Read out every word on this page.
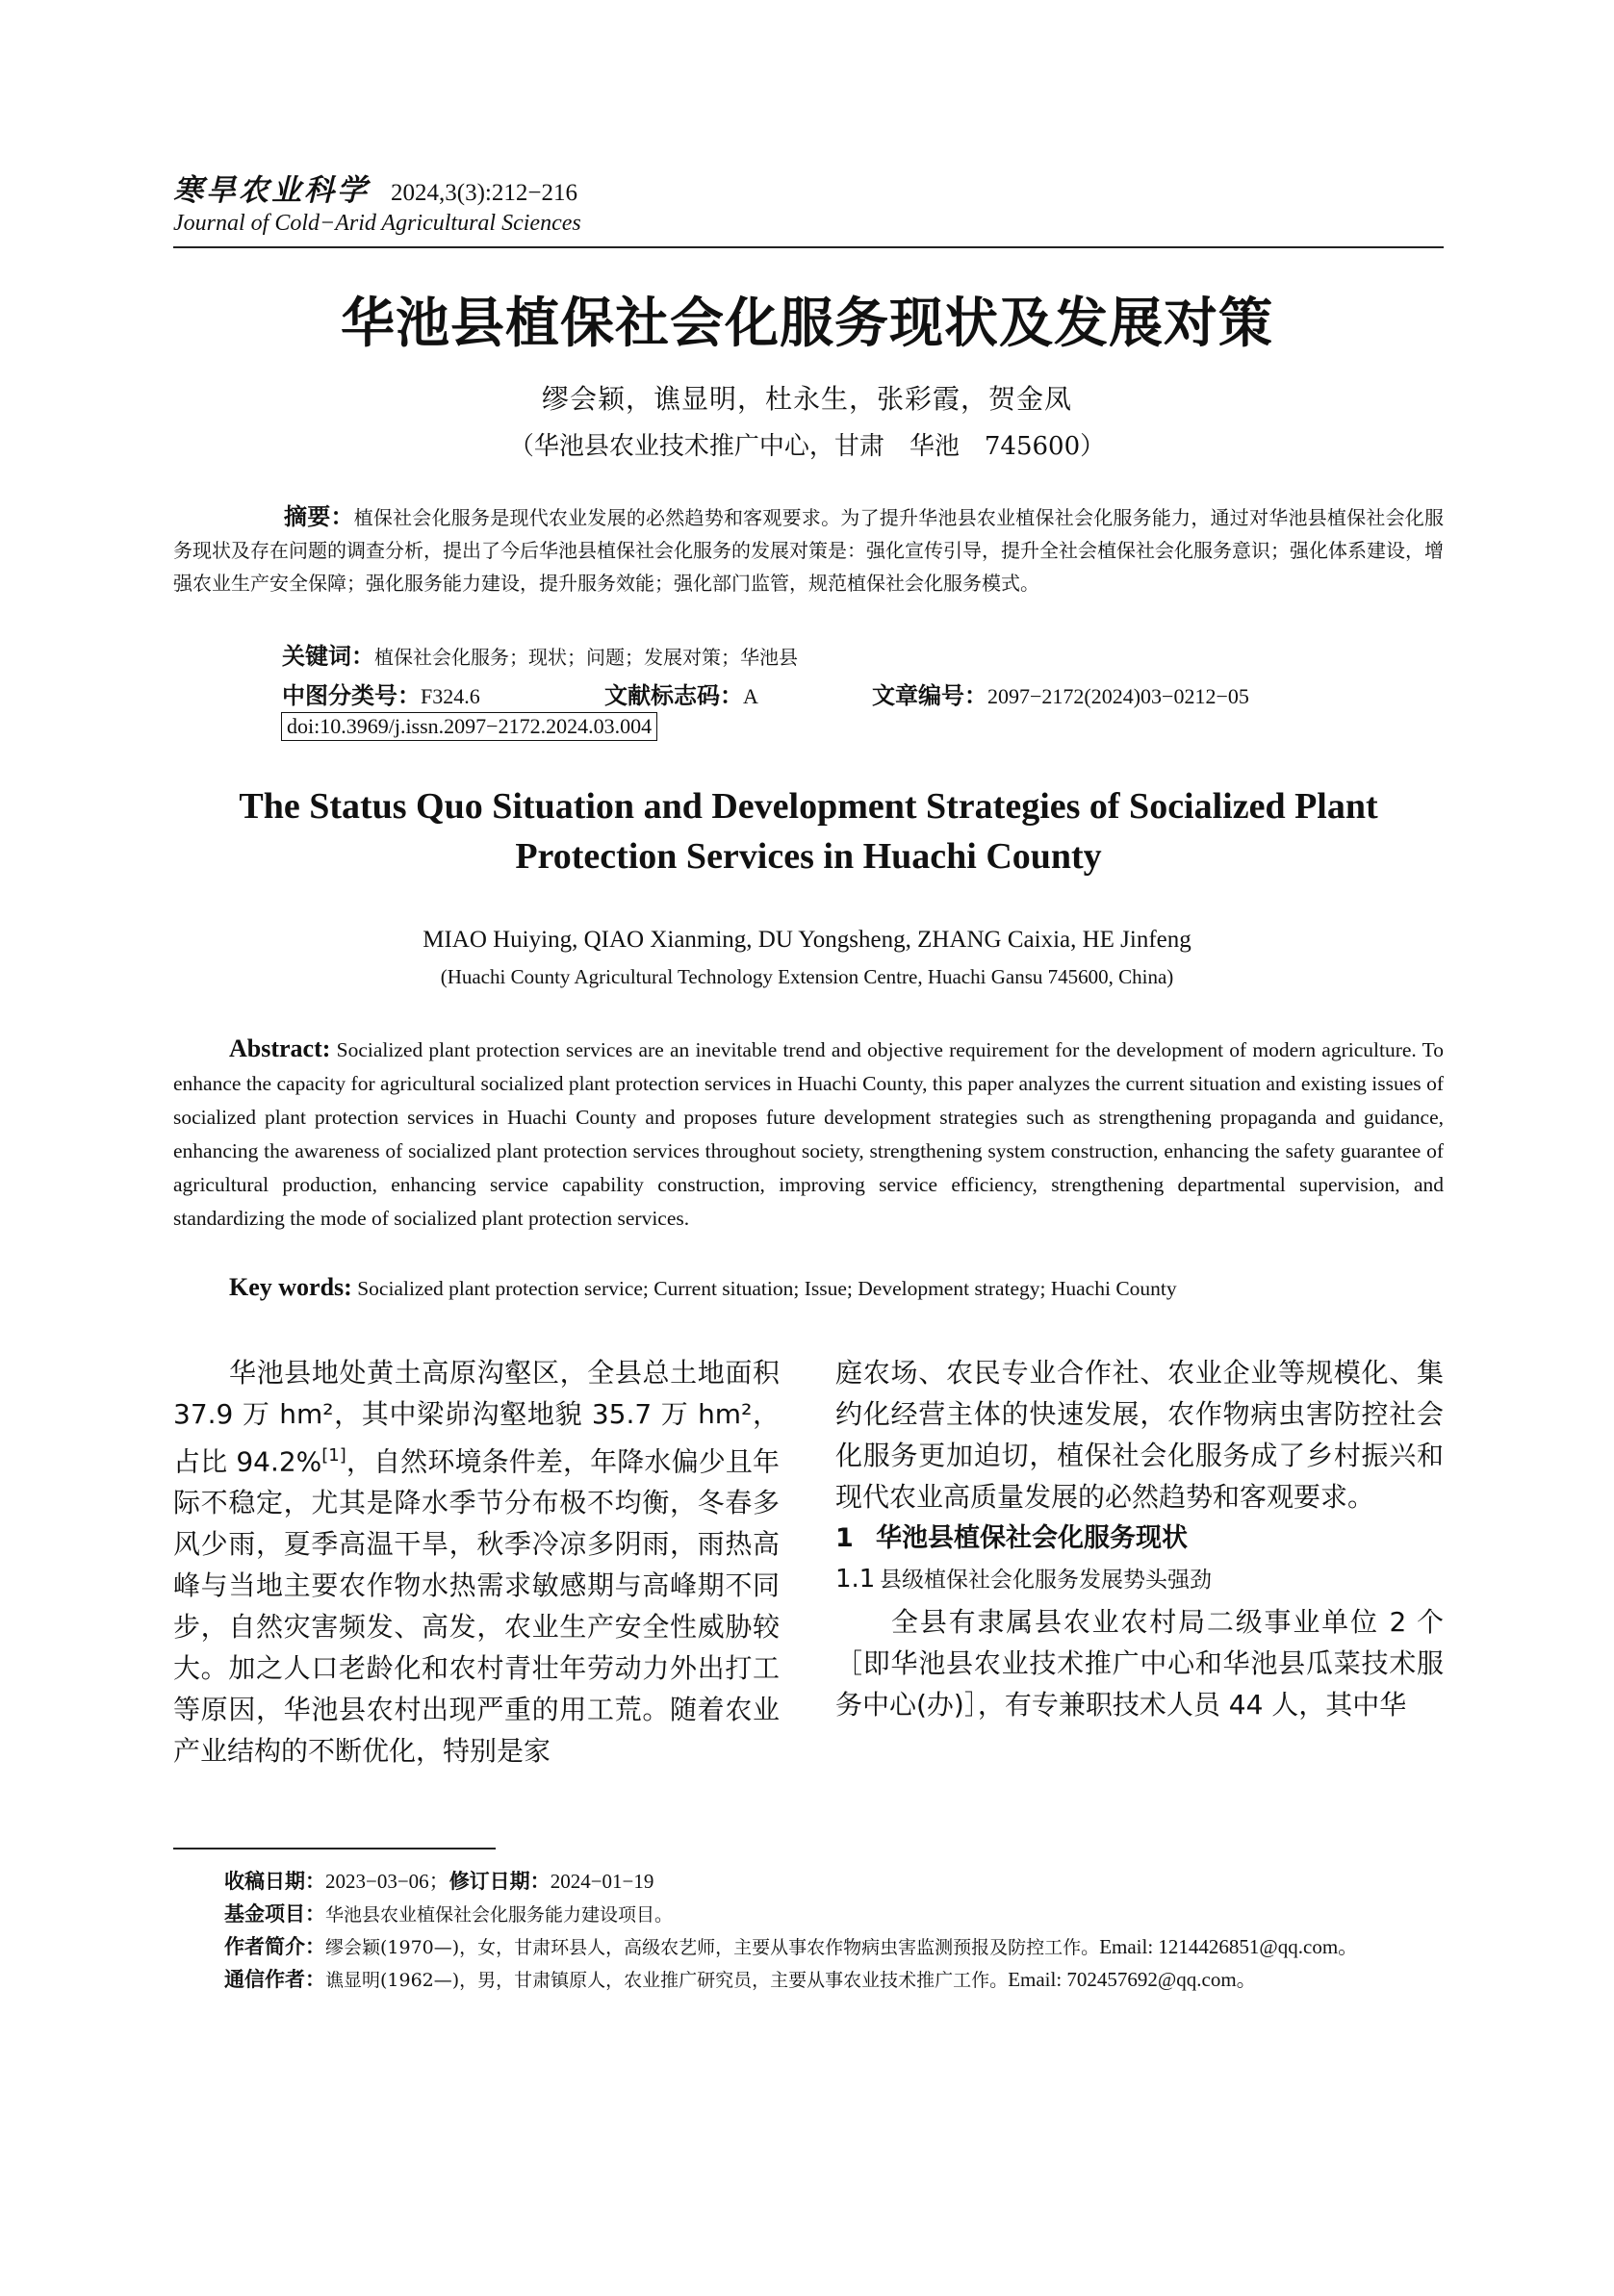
寒旱农业科学 2024,3(3):212−216
Journal of Cold−Arid Agricultural Sciences
华池县植保社会化服务现状及发展对策
缪会颖，谯显明，杜永生，张彩霞，贺金凤
（华池县农业技术推广中心，甘肃　华池　745600）
摘要：植保社会化服务是现代农业发展的必然趋势和客观要求。为了提升华池县农业植保社会化服务能力，通过对华池县植保社会化服务现状及存在问题的调查分析，提出了今后华池县植保社会化服务的发展对策是：强化宣传引导，提升全社会植保社会化服务意识；强化体系建设，增强农业生产安全保障；强化服务能力建设，提升服务效能；强化部门监管，规范植保社会化服务模式。
关键词：植保社会化服务；现状；问题；发展对策；华池县
中图分类号：F324.6	文献标志码：A	文章编号：2097−2172(2024)03−0212−05
doi:10.3969/j.issn.2097−2172.2024.03.004
The Status Quo Situation and Development Strategies of Socialized Plant Protection Services in Huachi County
MIAO Huiying, QIAO Xianming, DU Yongsheng, ZHANG Caixia, HE Jinfeng
(Huachi County Agricultural Technology Extension Centre, Huachi Gansu 745600, China)
Abstract: Socialized plant protection services are an inevitable trend and objective requirement for the development of modern agriculture. To enhance the capacity for agricultural socialized plant protection services in Huachi County, this paper analyzes the current situation and existing issues of socialized plant protection services in Huachi County and proposes future development strategies such as strengthening propaganda and guidance, enhancing the awareness of socialized plant protection services throughout society, strengthening system construction, enhancing the safety guarantee of agricultural production, enhancing service capability construction, improving service efficiency, strengthening departmental supervision, and standardizing the mode of socialized plant protection services.
Key words: Socialized plant protection service; Current situation; Issue; Development strategy; Huachi County

华池县地处黄土高原沟壑区，全县总土地面积 37.9 万 hm²，其中梁峁沟壑地貌 35.7 万 hm²，占比 94.2%[1]，自然环境条件差，年降水偏少且年际不稳定，尤其是降水季节分布极不均衡，冬春多风少雨，夏季高温干旱，秋季冷凉多阴雨，雨热高峰与当地主要农作物水热需求敏感期与高峰期不同步，自然灾害频发、高发，农业生产安全性威胁较大。加之人口老龄化和农村青壮年劳动力外出打工等原因，华池县农村出现严重的用工荒。随着农业产业结构的不断优化，特别是家

庭农场、农民专业合作社、农业企业等规模化、集约化经营主体的快速发展，农作物病虫害防控社会化服务更加迫切，植保社会化服务成了乡村振兴和现代农业高质量发展的必然趋势和客观要求。

1 华池县植保社会化服务现状

1.1 县级植保社会化服务发展势头强劲

全县有隶属县农业农村局二级事业单位 2 个［即华池县农业技术推广中心和华池县瓜菜技术服务中心(办)］，有专兼职技术人员 44 人，其中华

收稿日期：2023−03−06；修订日期：2024−01−19

基金项目：华池县农业植保社会化服务能力建设项目。

作者简介：缪会颖(1970—)，女，甘肃环县人，高级农艺师，主要从事农作物病虫害监测预报及防控工作。Email: 1214426851@qq.com。

通信作者：谯显明(1962—)，男，甘肃镇原人，农业推广研究员，主要从事农业技术推广工作。Email: 702457692@qq.com。
